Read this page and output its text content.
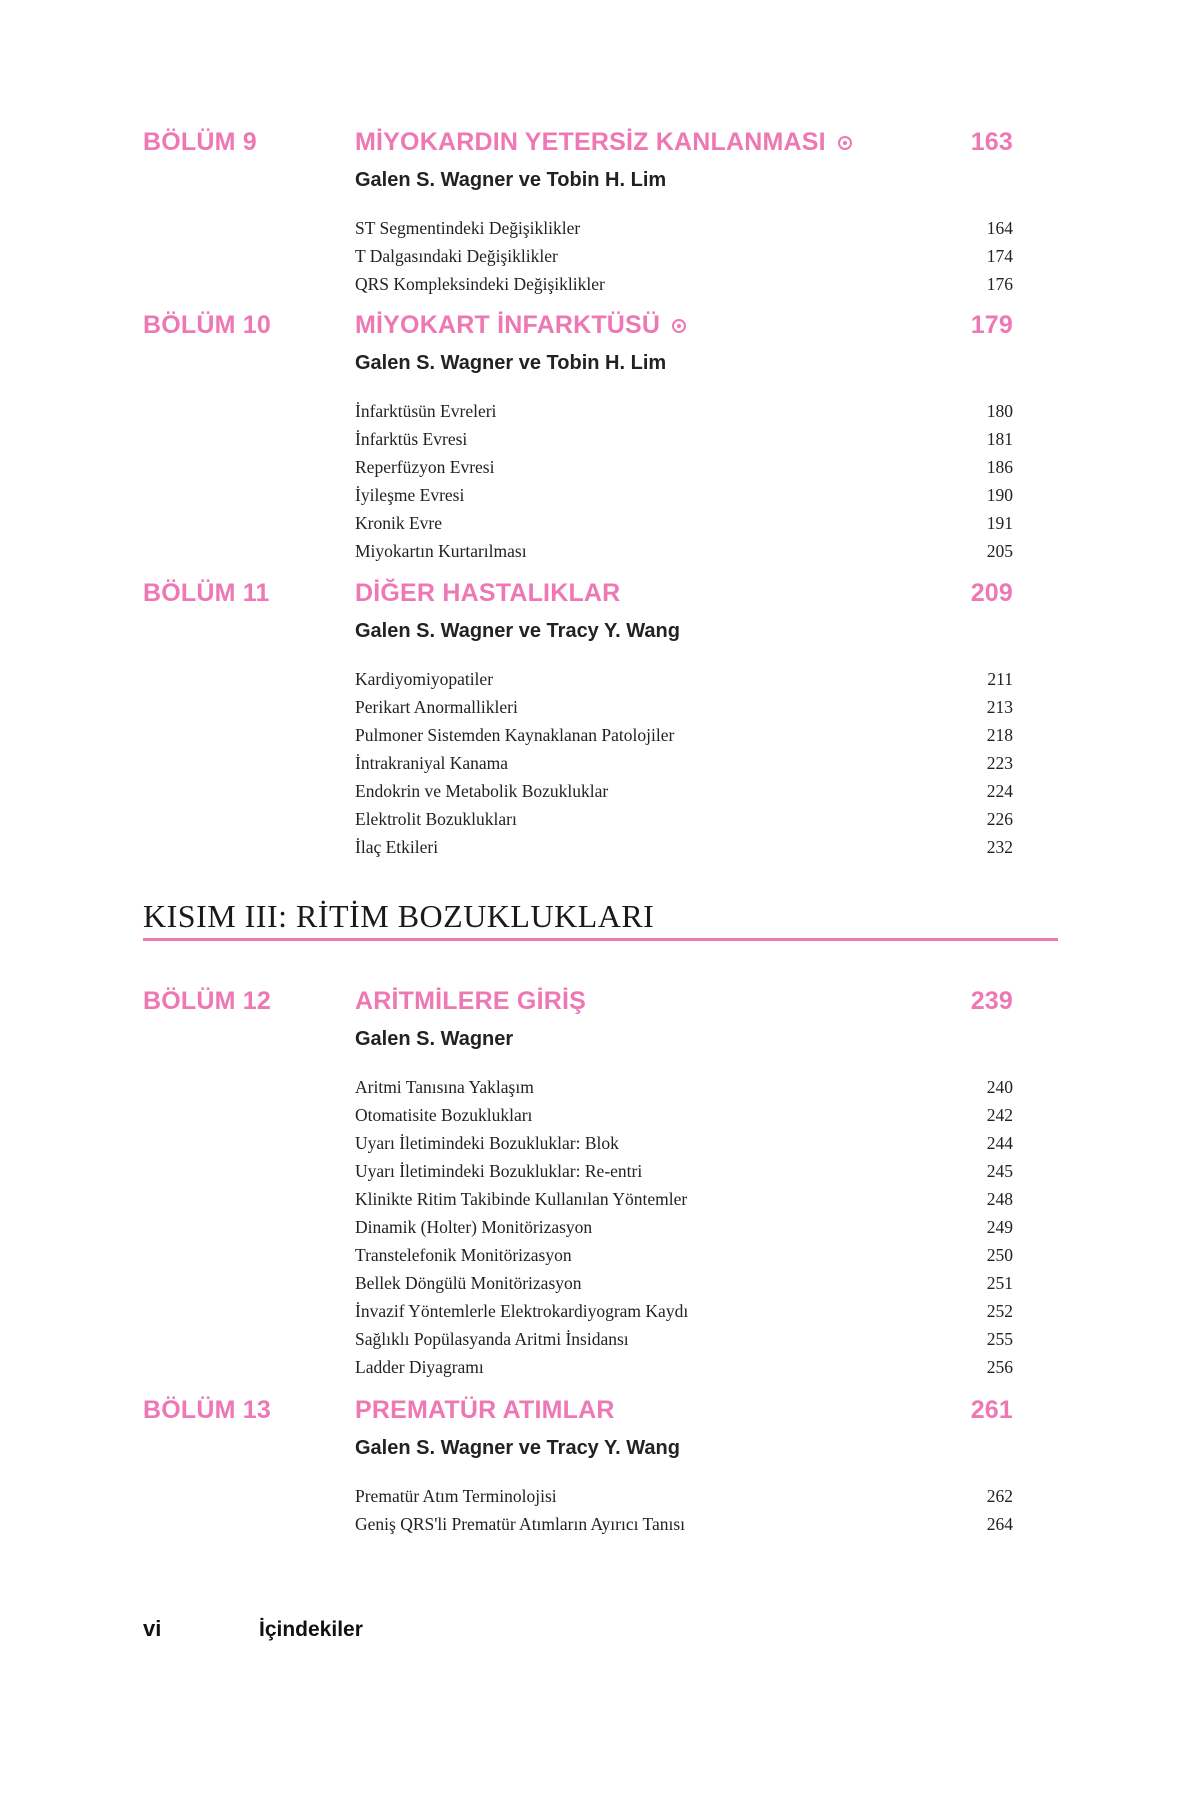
BÖLÜM 9	MİYOKARDIN YETERSİZ KANLANMASI	163
Galen S. Wagner ve Tobin H. Lim
ST Segmentindeki Değişiklikler	164
T Dalgasındaki Değişiklikler	174
QRS Kompleksindeki Değişiklikler	176
BÖLÜM 10	MİYOKART İNFARKTÜSÜ	179
Galen S. Wagner ve Tobin H. Lim
İnfarktüsün Evreleri	180
İnfarktüs Evresi	181
Reperfüzyon Evresi	186
İyileşme Evresi	190
Kronik Evre	191
Miyokartın Kurtarılması	205
BÖLÜM 11	DİĞER HASTALIKLAR	209
Galen S. Wagner ve Tracy Y. Wang
Kardiyomiyopatiler	211
Perikart Anormallikleri	213
Pulmoner Sistemden Kaynaklanan Patolojiler	218
İntrakraniyal Kanama	223
Endokrin ve Metabolik Bozukluklar	224
Elektrolit Bozuklukları	226
İlaç Etkileri	232
KISIM III: RİTİM BOZUKLUKLARI
BÖLÜM 12	ARİTMİLERE GİRİŞ	239
Galen S. Wagner
Aritmi Tanısına Yaklaşım	240
Otomatisite Bozuklukları	242
Uyarı İletimindeki Bozukluklar: Blok	244
Uyarı İletimindeki Bozukluklar: Re-entri	245
Klinikte Ritim Takibinde Kullanılan Yöntemler	248
Dinamik (Holter) Monitörizasyon	249
Transtelefonik Monitörizasyon	250
Bellek Döngülü Monitörizasyon	251
İnvazif Yöntemlerle Elektrokardiyogram Kaydı	252
Sağlıklı Popülasyanda Aritmi İnsidansı	255
Ladder Diyagramı	256
BÖLÜM 13	PREMATÜR ATIMLAR	261
Galen S. Wagner ve Tracy Y. Wang
Prematür Atım Terminolojisi	262
Geniş QRS'li Prematür Atımların Ayırıcı Tanısı	264
vi	İçindekiler
